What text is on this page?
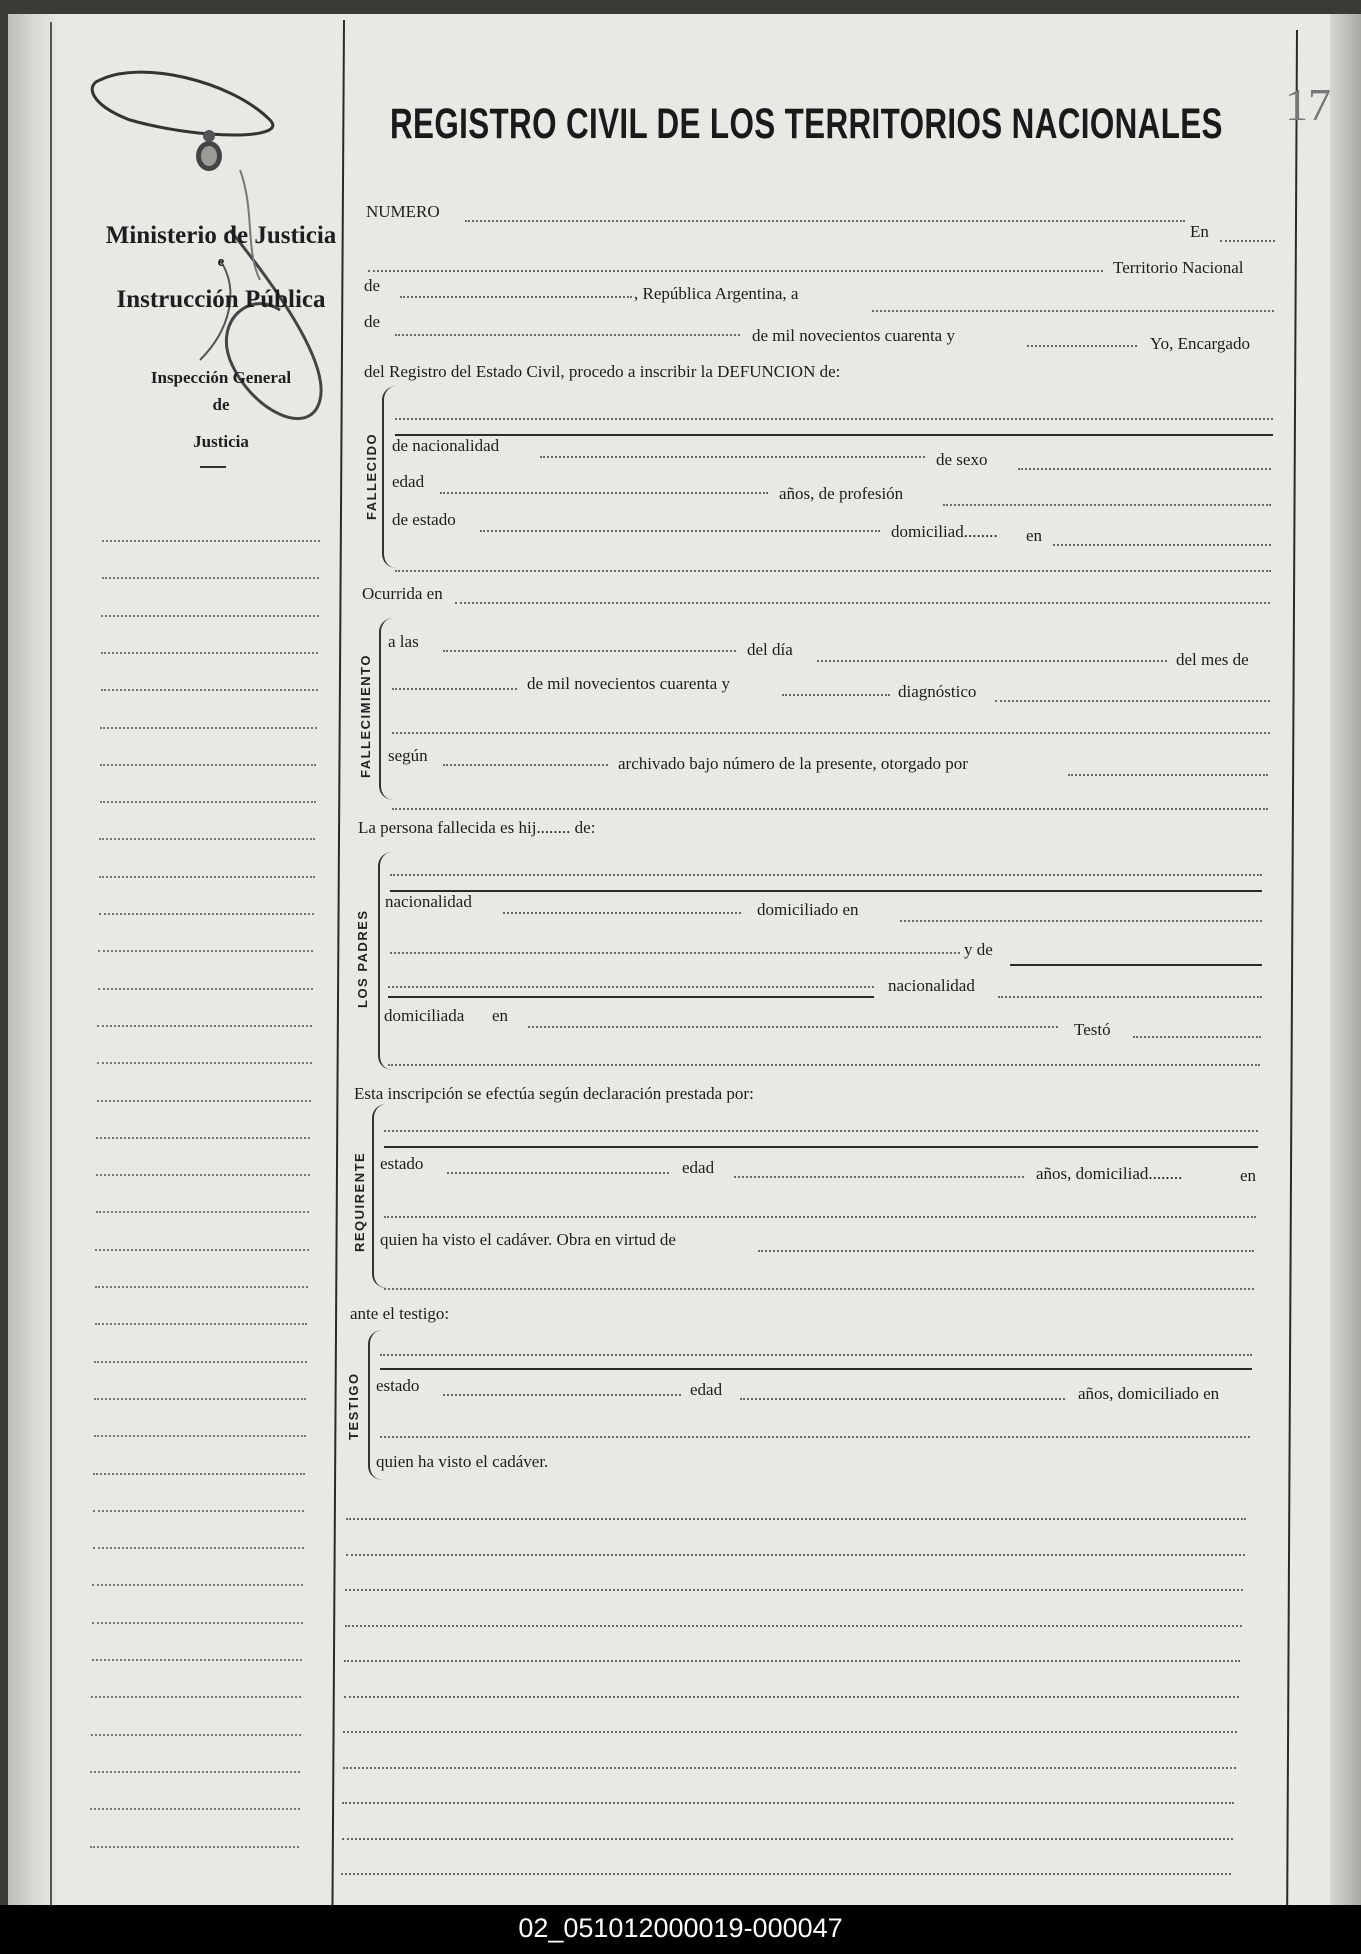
17
Ministerio de Justicia
e
Instrucción Pública
Inspección General
de
Justicia
REGISTRO CIVIL DE LOS TERRITORIOS NACIONALES
NUMERO
En
Territorio Nacional
de	, República Argentina, a
de
de mil novecientos cuarenta y	Yo, Encargado
del Registro del Estado Civil, procedo a inscribir la DEFUNCION de:
FALLECIDO de nacionalidad
de sexo
edad
años, de profesión
de estado
domiciliad........ en
Ocurrida en
FALLECIMIENTO
a las	del día
del mes de
de mil novecientos cuarenta y	diagnóstico
según	archivado bajo número de la presente, otorgado por
La persona fallecida es hij........ de:
LOS PADRES
nacionalidad	domiciliado en
y de
nacionalidad
domiciliada en
Testó
Esta inscripción se efectúa según declaración prestada por:
REQUIRENTE estado	edad	años, domiciliad........	en
quien ha visto el cadáver. Obra en virtud de
ante el testigo:
TESTIGO estado	edad	años, domiciliado en
quien ha visto el cadáver.
02_051012000019-000047
